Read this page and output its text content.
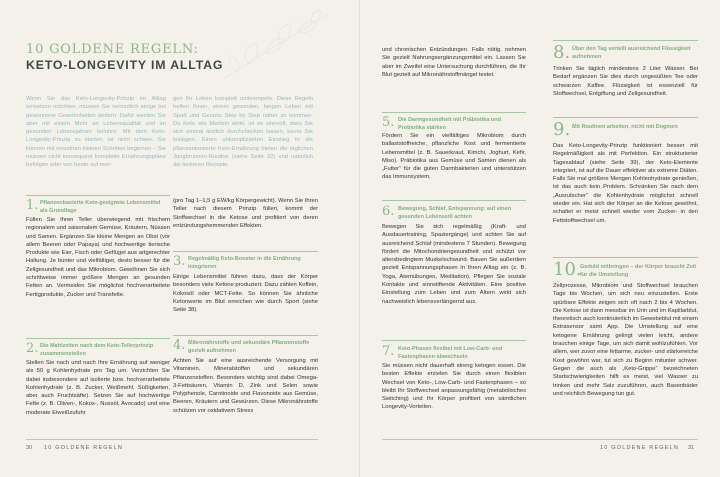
10 GOLDENE REGELN:
KETO-LONGEVITY IM ALLTAG
Wenn Sie das Keto-Longevity-Prinzip im Alltag umsetzen möchten, müssen Sie vermutlich einige bei gewonnene Gewohnheiten ändern. Dafür werden Sie aber mit einem Mehr an Lebensqualität und an gesunden Lebensjahren belohnt. Mit dem Keto-Longevity-Prinzip zu starten, ist nicht schwer. Sie können mit einzelnen kleinen Schritten beginnen – Sie müssen nicht konsequent komplette Ernährungspläne befolgen oder von heute auf mor-
gen Ihr Leben komplett umkrempeln. Diese Regeln helfen Ihnen, einem gesunden, langen Leben mit Spaß und Genuss Step by Step näher zu kommen. Da Keto wie Medizin wirkt, ist es sinnvoll, dass Sie sich einmal ärztlich durchchecken lassen, bevor Sie loslegen. Einen unkomplizierten Einstieg in die pflanzenbasierte Keto-Ernährung bieten die täglichen Jungbrunnen-Routine (siehe Seite 32) und natürlich die leckeren Rezepte.
1. Pflanzenbasierte Keto-geeignete Lebensmittel als Grundlage
Füllen Sie Ihren Teller überwiegend mit frischem regionalem und saisonalem Gemüse, Kräutern, Nüssen und Samen. Ergänzen Sie kleine Mengen an Obst (vor allem Beeren oder Papaya) und hochwertige tierische Produkte wie Eier, Fisch oder Geflügel aus artgerechter Haltung. Je bunter und vielfältiger, desto besser für die Zellgesundheit und das Mikrobiom. Gewöhnen Sie sich schrittweise immer größere Mengen an gesunden Fetten an. Vermeiden Sie möglichst hochverarbeitete Fertigprodukte, Zucker und Transfette.
2. Die Mahlzeiten nach dem Keto-Tellerprinzip zusammenstellen
Stellen Sie nach und nach Ihre Ernährung auf weniger als 50 g Kohlenhydrate pro Tag um. Verzichten Sie dabei insbesondere auf isolierte bzw. hochverarbeitete Kohlenhydrate (z. B. Zucker, Weißmehl, Süßigkeiten, aber auch Fruchtsäfte). Setzen Sie auf hochwertige Fette (z. B. Oliven-, Kokos-, Nussöl, Avocado) und eine moderate Eiweißzufuhr
(pro Tag 1–1,5 g EW/kg Körpergewicht). Wenn Sie Ihren Teller nach diesem Prinzip füllen, kommt der Stoffwechsel in die Ketose und profitiert von deren entzündungshemmenden Effekten.
3. Regelmäßig Keto-Booster in die Ernährung integrieren
Einige Lebensmittel führen dazu, dass der Körper besonders viele Ketone produziert. Dazu zählen Koffein, Kokosöl oder MCT-Fette. So können Sie ähnliche Ketonwerte im Blut erreichen wie durch Sport (siehe Seite 38).
4. Mikronährstoffe und sekundäre Pflanzenstoffe gezielt aufnehmen
Achten Sie auf eine ausreichende Versorgung mit Vitaminen, Mineralstoffen und sekundären Pflanzenstoffen. Besonders wichtig sind dabei Omega-3-Fettsäuren, Vitamin D, Zink und Selen sowie Polyphenole, Carotinoide und Flavonoide aus Gemüse, Beeren, Kräutern und Gewürzen. Diese Mikronährstoffe schützen vor oxidativem Stress
30 10 GOLDENE REGELN
und chronischen Entzündungen. Falls nötig, nehmen Sie gezielt Nahrungsergänzungsmittel ein. Lassen Sie aber im Zweifel eine Untersuchung durchführen, die Ihr Blut gezielt auf Mikronährstoffmängel testet.
5. Die Darmgesundheit mit Präbiotika und Probiotika stärken
Fördern Sie ein vielfältiges Mikrobiom durch ballaststoffreiche, pflanzliche Kost und fermentierte Lebensmittel (z. B. Sauerkraut, Kimchi, Joghurt, Kefir, Miso). Präbiotika aus Gemüse und Samen dienen als „Futter“ für die guten Darmbakterien und unterstützen das Immunsystem.
6. Bewegung, Schlaf, Entspannung: auf einen gesunden Lebensstil achten
Bewegen Sie sich regelmäßig (Kraft- und Ausdauertraining, Spaziergänge) und achten Sie auf ausreichend Schlaf (mindestens 7 Stunden). Bewegung fördert die Mitochondriengesundheit und schützt vor altersbedingtem Muskelschwund. Bauen Sie außerdem gezielt Entspannungsphasen in Ihren Alltag ein (z. B. Yoga, Atemübungen, Meditation). Pflegen Sie soziale Kontakte und sinnstiftende Aktivitäten. Eine positive Einstellung zum Leben und zum Altern wirkt sich nachweislich lebensverlängernd aus.
7. Keto-Phasen flexibel mit Low-Carb- und Fastenphasen abwechseln
Sie müssen nicht dauerhaft streng ketogen essen. Die besten Effekte erzielen Sie durch einen flexiblen Wechsel von Keto-, Low-Carb- und Fastenphasen – so bleibt Ihr Stoffwechsel anpassungsfähig (metabolisches Switching) und Ihr Körper profitiert von sämtlichen Longevity-Vorteilen.
8. Über den Tag verteilt ausreichend Flüssigkeit aufnehmen
Trinken Sie täglich mindestens 2 Liter Wasser. Bei Bedarf ergänzen Sie dies durch ungesüßten Tee oder schwarzen Kaffee. Flüssigkeit ist essenziell für Stoffwechsel, Entgiftung und Zellgesundheit.
9. Mit Routinen arbeiten, nicht mit Dogmen
Das Keto-Longevity-Prinzip funktioniert besser mit Regelmäßigkeit als mit Perfektion. Ein strukturierter Tagesablauf (siehe Seite 39), der Keto-Elemente integriert, ist auf die Dauer effektiver als extreme Diäten. Falls Sie mal größere Mengen Kohlenhydrate genießen, ist das auch kein Problem. Schränken Sie nach dem „Ausrutscher“ die Kohlenhydrate möglichst schnell wieder ein. Hat sich der Körper an die Ketose gewöhnt, schaltet er meist schnell wieder vom Zucker- in den Fettstoffwechsel um.
10.
Geduld mitbringen – der Körper braucht Zeit für die Umstellung
Zellprozesse, Mikrobiom und Stoffwechsel brauchen Tage bis Wochen, um sich neu einzustellen. Erste spürbare Effekte zeigen sich oft nach 2 bis 4 Wochen. Die Ketose ist dann messbar im Urin und im Kapillarblut, theoretisch auch kontinuierlich im Gewebeblut mit einem Extrasensor samt App. Die Umstellung auf eine ketogene Ernährung gelingt vielen leicht, andere brauchen einige Tage, um sich damit wohlzufühlen. Vor allem, wer zuvor eine fettarme, zucker- und stärkereiche Kost gewöhnt war, tut sich zu Beginn mitunter schwer. Gegen die auch als „Keto-Grippe“ bezeichneten Startschwierigkeiten hilft es meist, viel Wasser zu trinken und mehr Salz zuzuführen, auch Basenbäder und reichlich Bewegung tun gut.
10 GOLDENE REGELN 31
